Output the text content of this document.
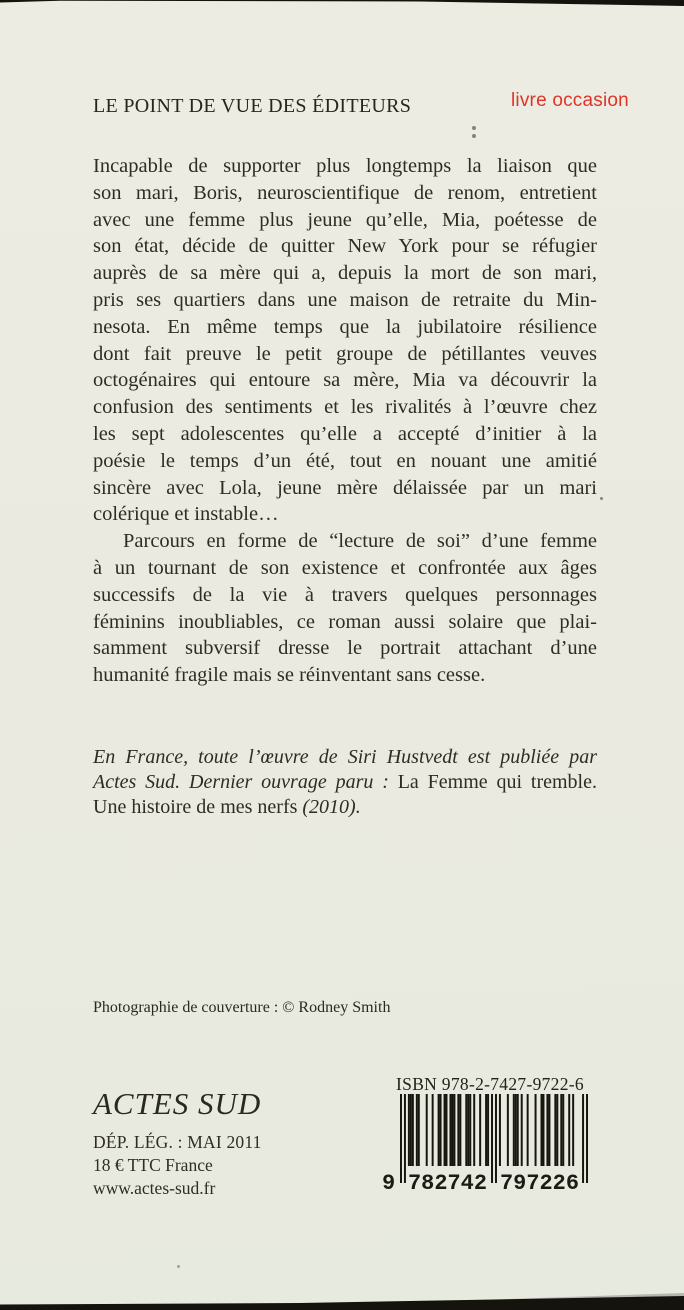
LE POINT DE VUE DES ÉDITEURS	livre occasion
Incapable de supporter plus longtemps la liaison que
son mari, Boris, neuroscientifique de renom, entretient
avec une femme plus jeune qu’elle, Mia, poétesse de
son état, décide de quitter New York pour se réfugier
auprès de sa mère qui a, depuis la mort de son mari,
pris ses quartiers dans une maison de retraite du Min-
nesota. En même temps que la jubilatoire résilience
dont fait preuve le petit groupe de pétillantes veuves
octogénaires qui entoure sa mère, Mia va découvrir la
confusion des sentiments et les rivalités à l’œuvre chez
les sept adolescentes qu’elle a accepté d’initier à la
poésie le temps d’un été, tout en nouant une amitié
sincère avec Lola, jeune mère délaissée par un mari
colérique et instable…
Parcours en forme de “lecture de soi” d’une femme
à un tournant de son existence et confrontée aux âges
successifs de la vie à travers quelques personnages
féminins inoubliables, ce roman aussi solaire que plai-
samment subversif dresse le portrait attachant d’une
humanité fragile mais se réinventant sans cesse.
En France, toute l’œuvre de Siri Hustvedt est publiée par
Actes Sud. Dernier ouvrage paru : La Femme qui tremble.
Une histoire de mes nerfs (2010).
Photographie de couverture : © Rodney Smith
ACTES SUD
DÉP. LÉG. : MAI 2011
18 € TTC France
www.actes-sud.fr
ISBN 978-2-7427-9722-6
9 782742 797226
